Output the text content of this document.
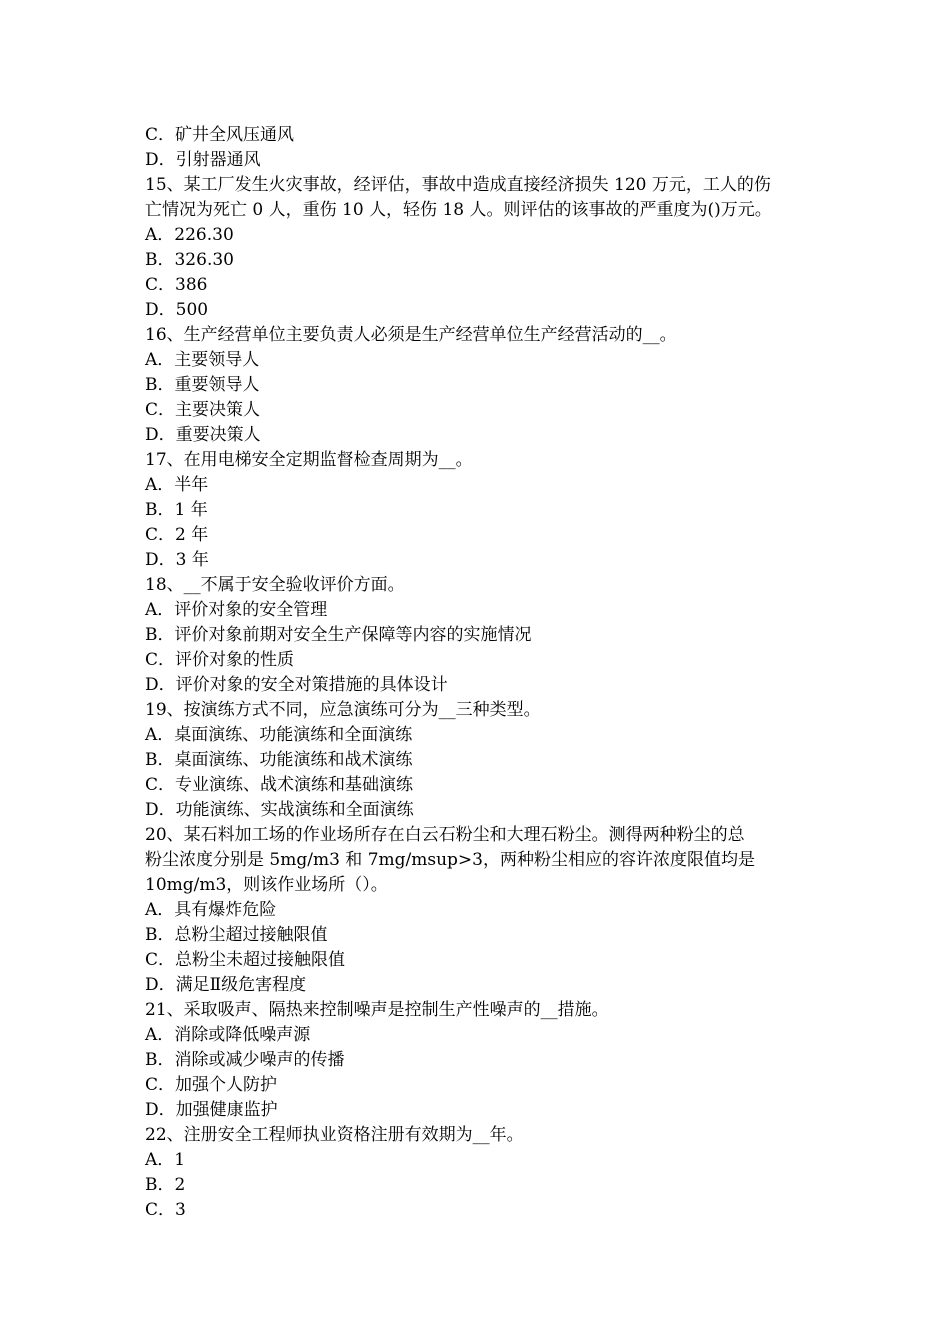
C．矿井全风压通风
D．引射器通风
15、某工厂发生火灾事故，经评估，事故中造成直接经济损失 120 万元，工人的伤
亡情况为死亡 0 人，重伤 10 人，轻伤 18 人。则评估的该事故的严重度为()万元。
A．226.30
B．326.30
C．386
D．500
16、生产经营单位主要负责人必须是生产经营单位生产经营活动的__。
A．主要领导人
B．重要领导人
C．主要决策人
D．重要决策人
17、在用电梯安全定期监督检查周期为__。
A．半年
B．1 年
C．2 年
D．3 年
18、__不属于安全验收评价方面。
A．评价对象的安全管理
B．评价对象前期对安全生产保障等内容的实施情况
C．评价对象的性质
D．评价对象的安全对策措施的具体设计
19、按演练方式不同，应急演练可分为__三种类型。
A．桌面演练、功能演练和全面演练
B．桌面演练、功能演练和战术演练
C．专业演练、战术演练和基础演练
D．功能演练、实战演练和全面演练
20、某石料加工场的作业场所存在白云石粉尘和大理石粉尘。测得两种粉尘的总
粉尘浓度分别是 5mg/m3 和 7mg/msup>3，两种粉尘相应的容许浓度限值均是
10mg/m3，则该作业场所（）。
A．具有爆炸危险
B．总粉尘超过接触限值
C．总粉尘未超过接触限值
D．满足Ⅱ级危害程度
21、采取吸声、隔热来控制噪声是控制生产性噪声的__措施。
A．消除或降低噪声源
B．消除或减少噪声的传播
C．加强个人防护
D．加强健康监护
22、注册安全工程师执业资格注册有效期为__年。
A．1
B．2
C．3
